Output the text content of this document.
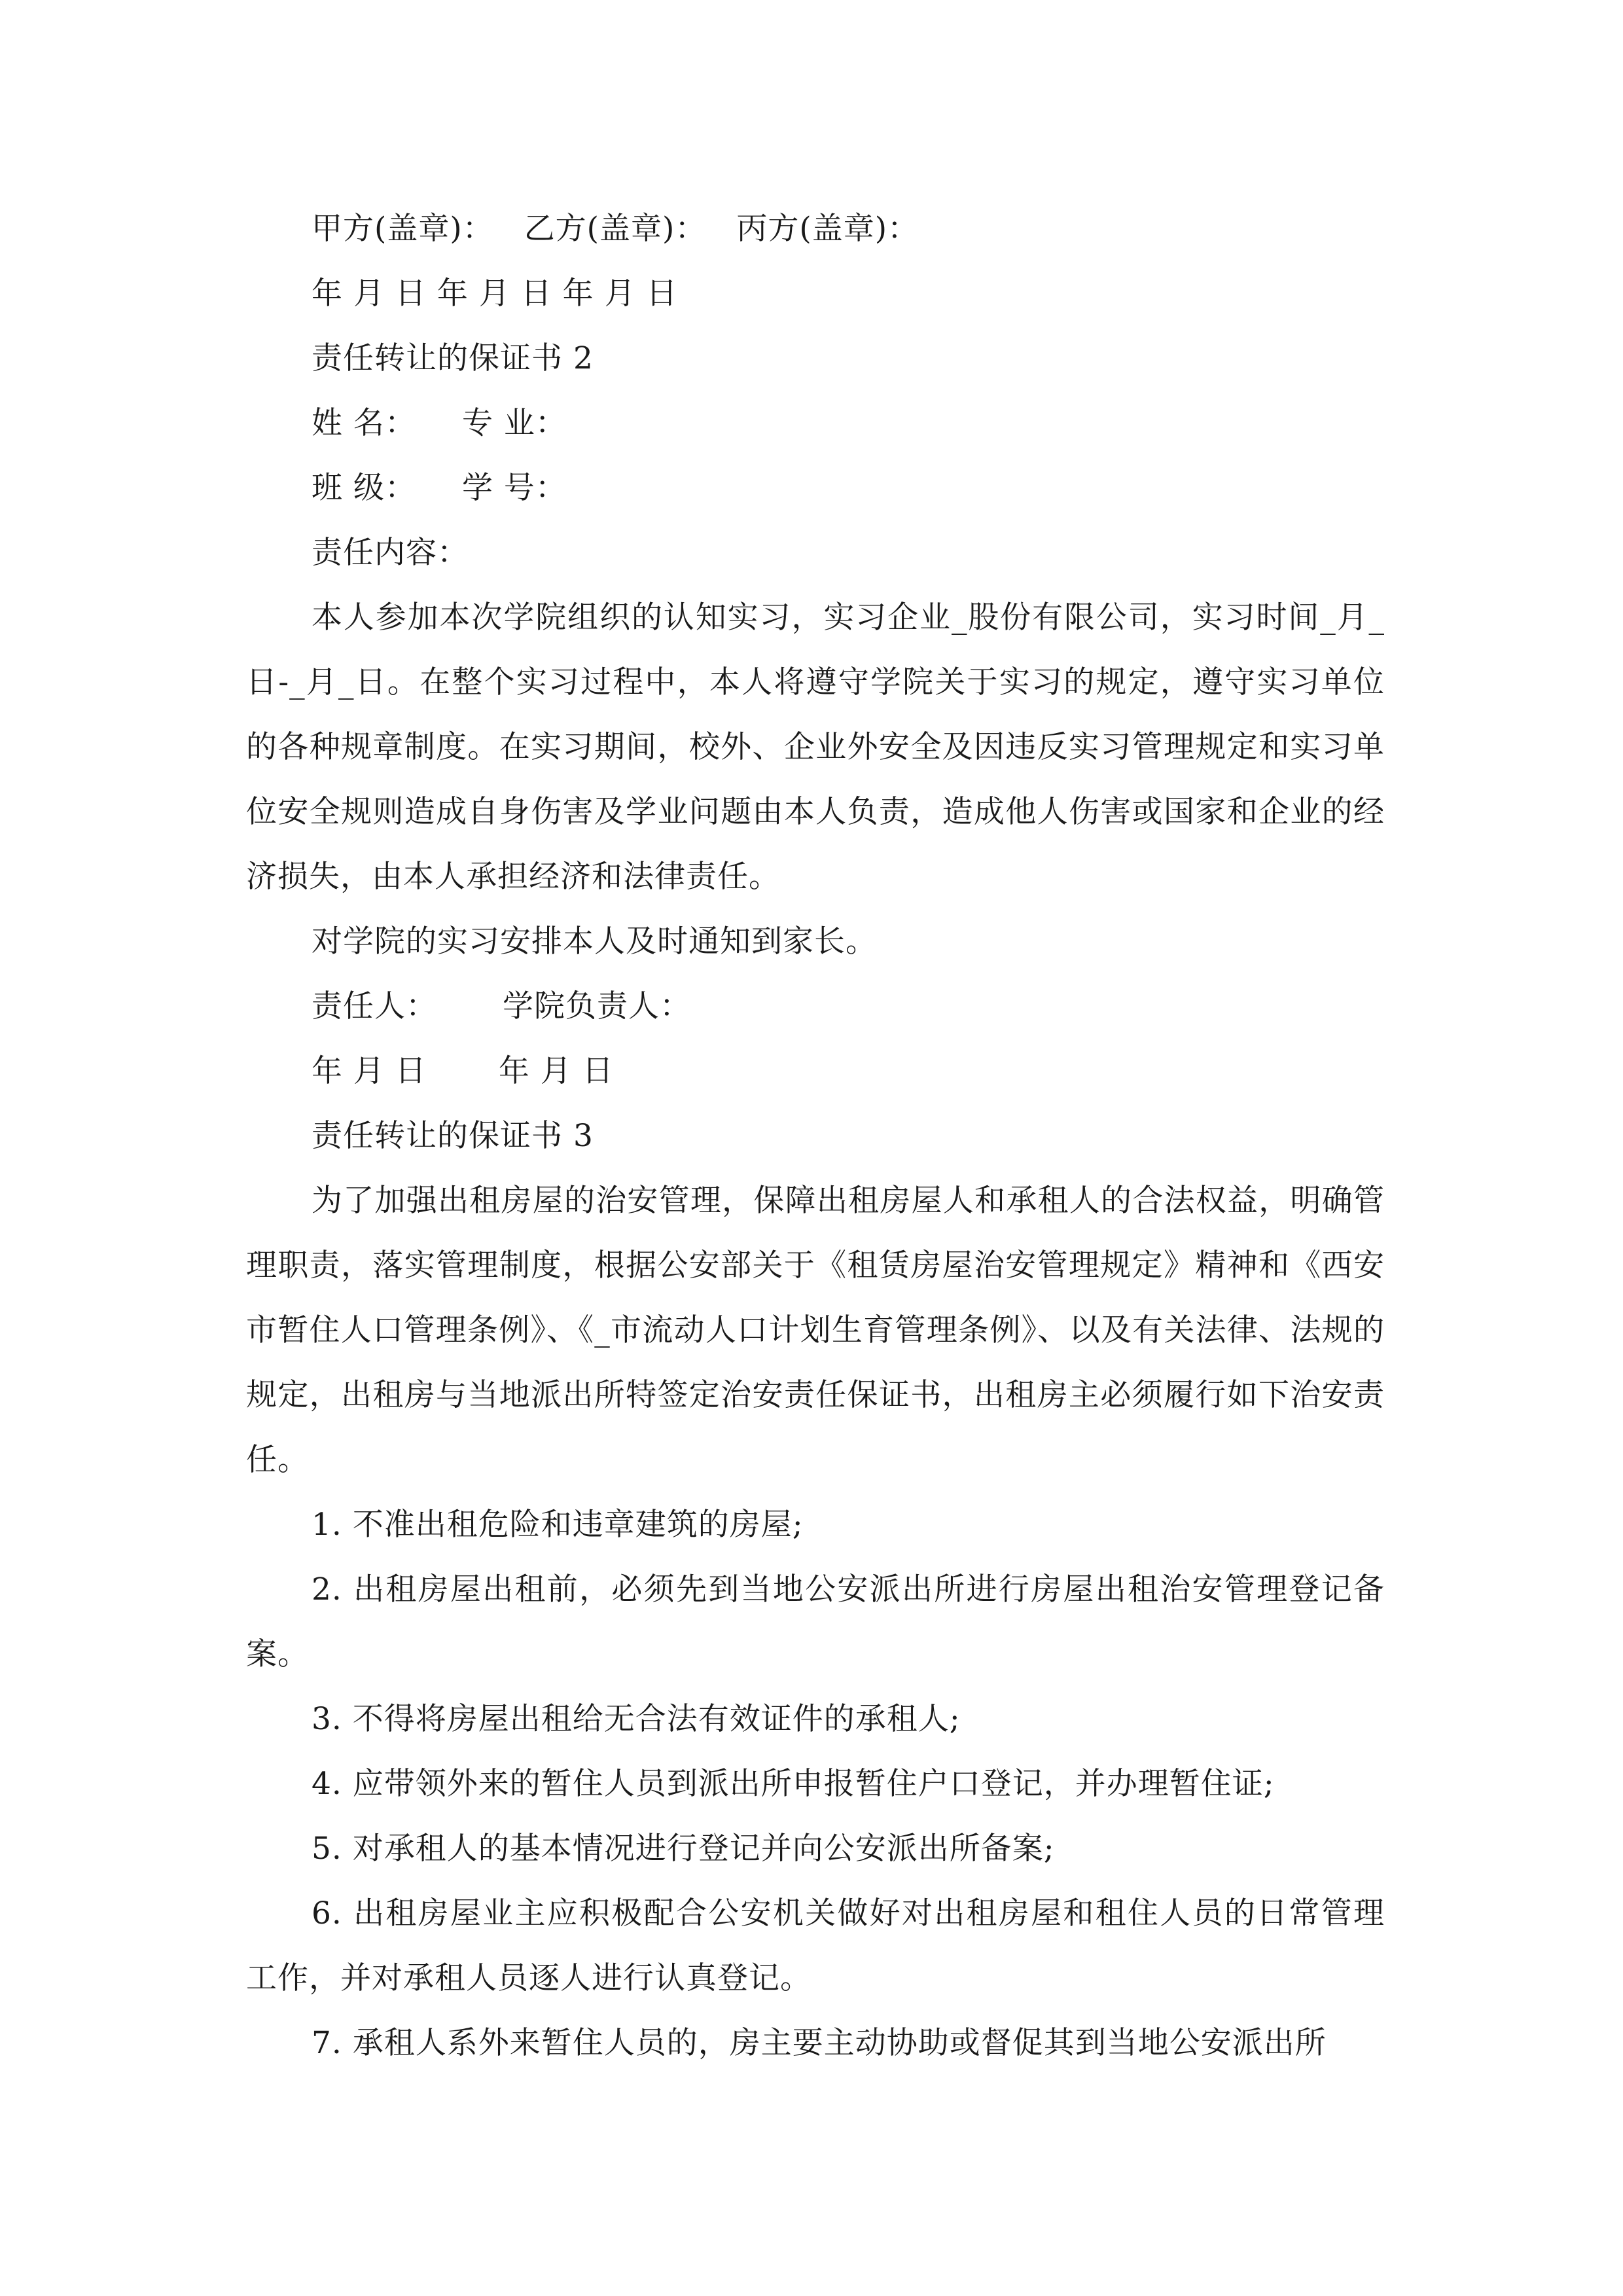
甲方(盖章)： 乙方(盖章)： 丙方(盖章)：
年 月 日 年 月 日 年 月 日
责任转让的保证书 2
姓 名： 专 业：
班 级： 学 号：
责任内容：
本人参加本次学院组织的认知实习，实习企业_股份有限公司，实习时间_月_日-_月_日。在整个实习过程中，本人将遵守学院关于实习的规定，遵守实习单位的各种规章制度。在实习期间，校外、企业外安全及因违反实习管理规定和实习单位安全规则造成自身伤害及学业问题由本人负责，造成他人伤害或国家和企业的经济损失，由本人承担经济和法律责任。
对学院的实习安排本人及时通知到家长。
责任人： 学院负责人：
年 月 日 年 月 日
责任转让的保证书 3
为了加强出租房屋的治安管理，保障出租房屋人和承租人的合法权益，明确管理职责，落实管理制度，根据公安部关于《租赁房屋治安管理规定》精神和《西安市暂住人口管理条例》、《_市流动人口计划生育管理条例》、以及有关法律、法规的规定，出租房与当地派出所特签定治安责任保证书，出租房主必须履行如下治安责任。
1. 不准出租危险和违章建筑的房屋;
2. 出租房屋出租前，必须先到当地公安派出所进行房屋出租治安管理登记备案。
3. 不得将房屋出租给无合法有效证件的承租人;
4. 应带领外来的暂住人员到派出所申报暂住户口登记，并办理暂住证;
5. 对承租人的基本情况进行登记并向公安派出所备案;
6. 出租房屋业主应积极配合公安机关做好对出租房屋和租住人员的日常管理工作，并对承租人员逐人进行认真登记。
7. 承租人系外来暂住人员的，房主要主动协助或督促其到当地公安派出所
